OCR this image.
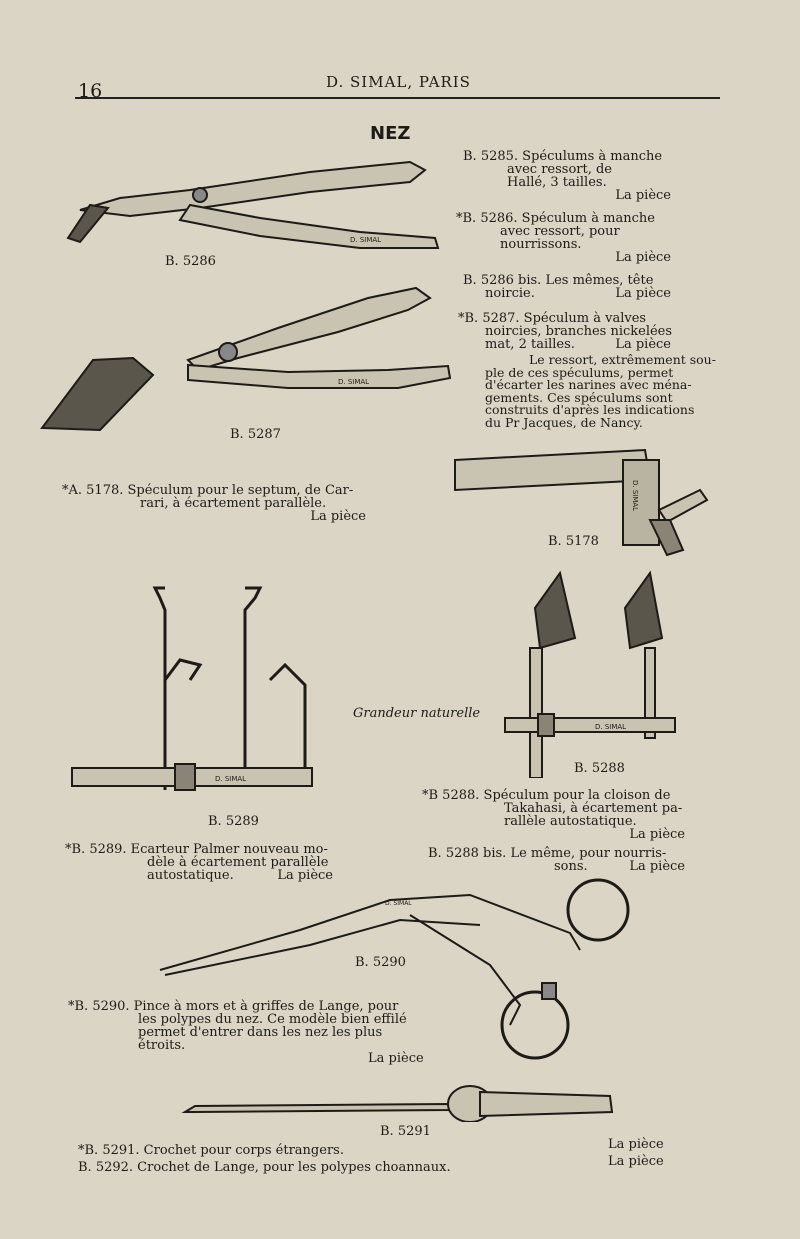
16	D. SIMAL, PARIS
NEZ
D. SIMAL
B. 5286
D. SIMAL
B. 5287
B. 5285. Spéculums à manche
avec ressort, de
Hallé, 3 tailles.
La pièce
*B. 5286. Spéculum à manche
avec ressort, pour
nourrissons.
La pièce
B. 5286 bis. Les mêmes, tête
noircie.	La pièce
*B. 5287. Spéculum à valves
noircies, branches nickelées
mat, 2 tailles.	La pièce
Le ressort, extrêmement sou-
ple de ces spéculums, permet
d'écarter les narines avec ména-
gements. Ces spéculums sont
construits d'après les indications
du Pr Jacques, de Nancy.
D. SIMAL
B. 5178
*A. 5178. Spéculum pour le septum, de Car-
rari, à écartement parallèle.
La pièce
D. SIMAL
B. 5289
Grandeur naturelle
D. SIMAL
B. 5288
*B 5288. Spéculum pour la cloison de
Takahasi, à écartement pa-
rallèle autostatique.
La pièce
B. 5288 bis. Le même, pour nourris-
sons.	La pièce
*B. 5289. Ecarteur Palmer nouveau mo-
dèle à écartement parallèle
autostatique.	La pièce
D. SIMAL
B. 5290
*B. 5290. Pince à mors et à griffes de Lange, pour
les polypes du nez. Ce modèle bien effilé
permet d'entrer dans les nez les plus
étroits.
La pièce
B. 5291
*B. 5291. Crochet pour corps étrangers.	La pièce
B. 5292. Crochet de Lange, pour les polypes choannaux.	La pièce
